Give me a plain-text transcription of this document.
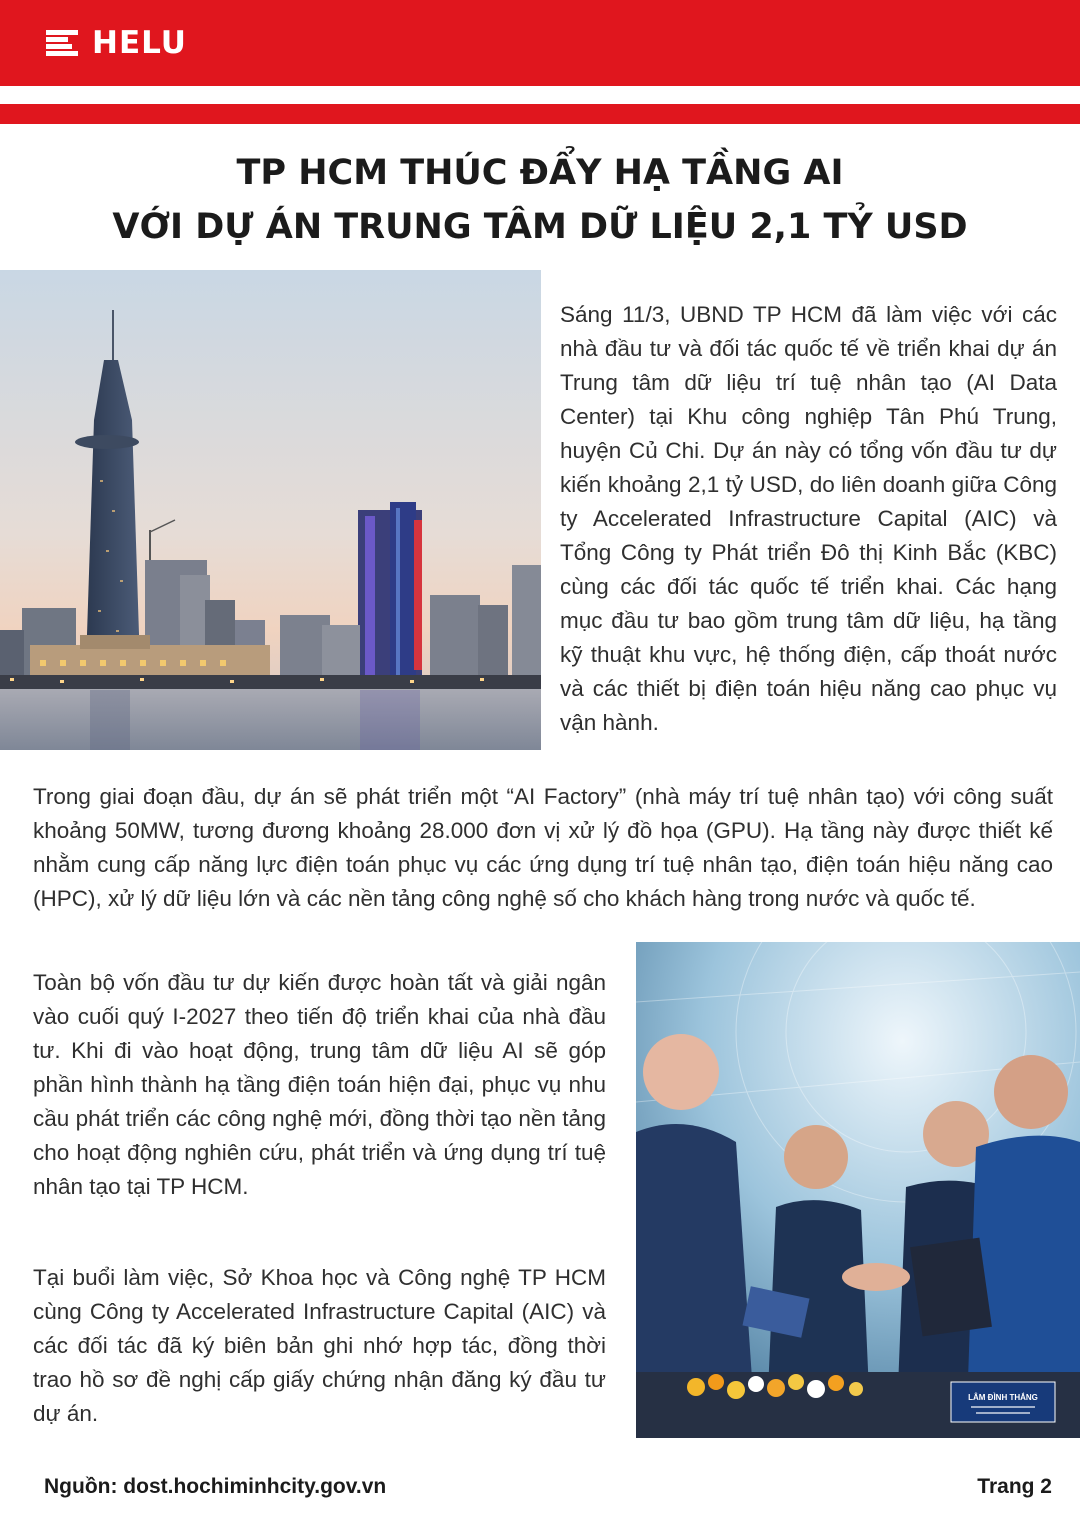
HELU
TP HCM THÚC ĐẨY HẠ TẦNG AI
VỚI DỰ ÁN TRUNG TÂM DỮ LIỆU 2,1 TỶ USD

Sáng 11/3, UBND TP HCM đã làm việc với các nhà đầu tư và đối tác quốc tế về triển khai dự án Trung tâm dữ liệu trí tuệ nhân tạo (AI Data Center) tại Khu công nghiệp Tân Phú Trung, huyện Củ Chi. Dự án này có tổng vốn đầu tư dự kiến khoảng 2,1 tỷ USD, do liên doanh giữa Công ty Accelerated Infrastructure Capital (AIC) và Tổng Công ty Phát triển Đô thị Kinh Bắc (KBC) cùng các đối tác quốc tế triển khai. Các hạng mục đầu tư bao gồm trung tâm dữ liệu, hạ tầng kỹ thuật khu vực, hệ thống điện, cấp thoát nước và các thiết bị điện toán hiệu năng cao phục vụ vận hành.

Trong giai đoạn đầu, dự án sẽ phát triển một “AI Factory” (nhà máy trí tuệ nhân tạo) với công suất khoảng 50MW, tương đương khoảng 28.000 đơn vị xử lý đồ họa (GPU). Hạ tầng này được thiết kế nhằm cung cấp năng lực điện toán phục vụ các ứng dụng trí tuệ nhân tạo, điện toán hiệu năng cao (HPC), xử lý dữ liệu lớn và các nền tảng công nghệ số cho khách hàng trong nước và quốc tế.

LÂM ĐÌNH THẮNG

Toàn bộ vốn đầu tư dự kiến được hoàn tất và giải ngân vào cuối quý I-2027 theo tiến độ triển khai của nhà đầu tư. Khi đi vào hoạt động, trung tâm dữ liệu AI sẽ góp phần hình thành hạ tầng điện toán hiện đại, phục vụ nhu cầu phát triển các công nghệ mới, đồng thời tạo nền tảng cho hoạt động nghiên cứu, phát triển và ứng dụng trí tuệ nhân tạo tại TP HCM.

Tại buổi làm việc, Sở Khoa học và Công nghệ TP HCM cùng Công ty Accelerated Infrastructure Capital (AIC) và các đối tác đã ký biên bản ghi nhớ hợp tác, đồng thời trao hồ sơ đề nghị cấp giấy chứng nhận đăng ký đầu tư dự án.

Nguồn: dost.hochiminhcity.gov.vn	Trang 2
